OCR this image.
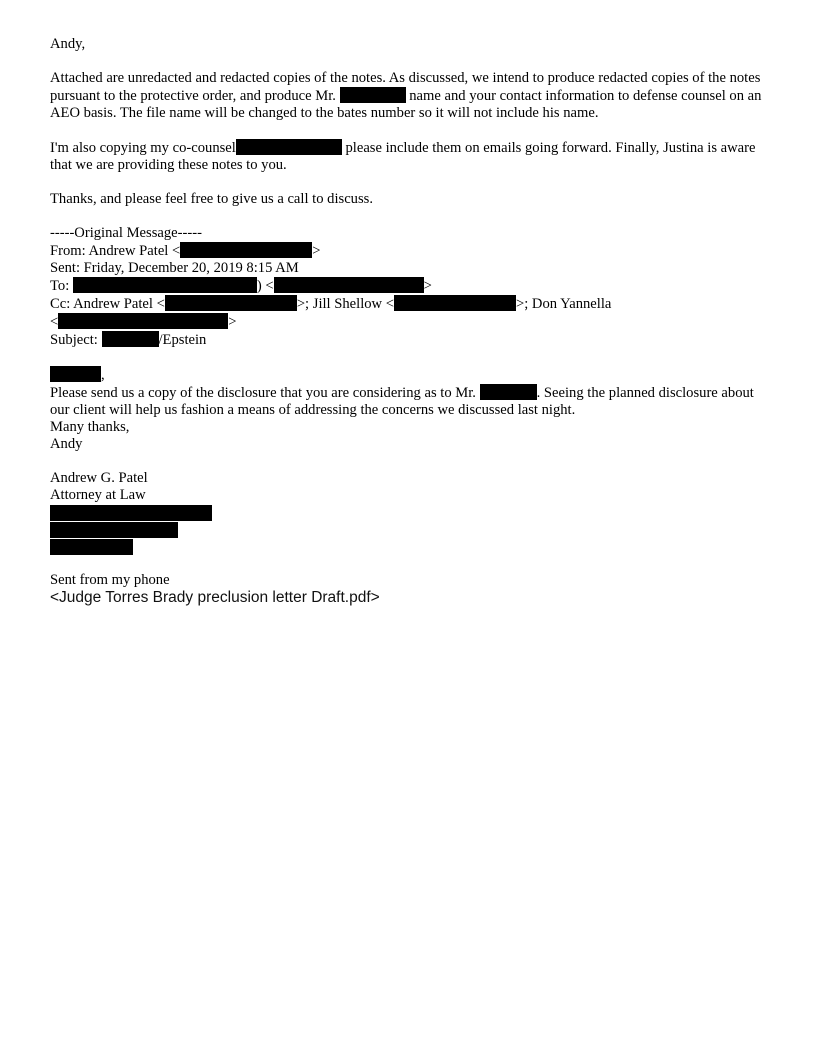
Andy,

Attached are unredacted and redacted copies of the notes. As discussed, we intend to produce redacted copies of the notes pursuant to the protective order, and produce Mr.	name and your contact information to defense counsel on an AEO basis. The file name will be changed to the bates number so it will not include his name.

I'm also copying my co-counsel	please include them on emails going forward. Finally, Justina is aware that we are providing these notes to you.

Thanks, and please feel free to give us a call to discuss.

-----Original Message-----

From: Andrew Patel <	>

Sent: Friday, December 20, 2019 8:15 AM

To:	) <	>

Cc: Andrew Patel <	>; Jill Shellow <	>; Don Yannella

<	>

Subject:	/Epstein

,

Please send us a copy of the disclosure that you are considering as to Mr.	. Seeing the planned disclosure about our client will help us fashion a means of addressing the concerns we discussed last night.

Many thanks,

Andy

Andrew G. Patel

Attorney at Law

Sent from my phone

<Judge Torres Brady preclusion letter Draft.pdf>
